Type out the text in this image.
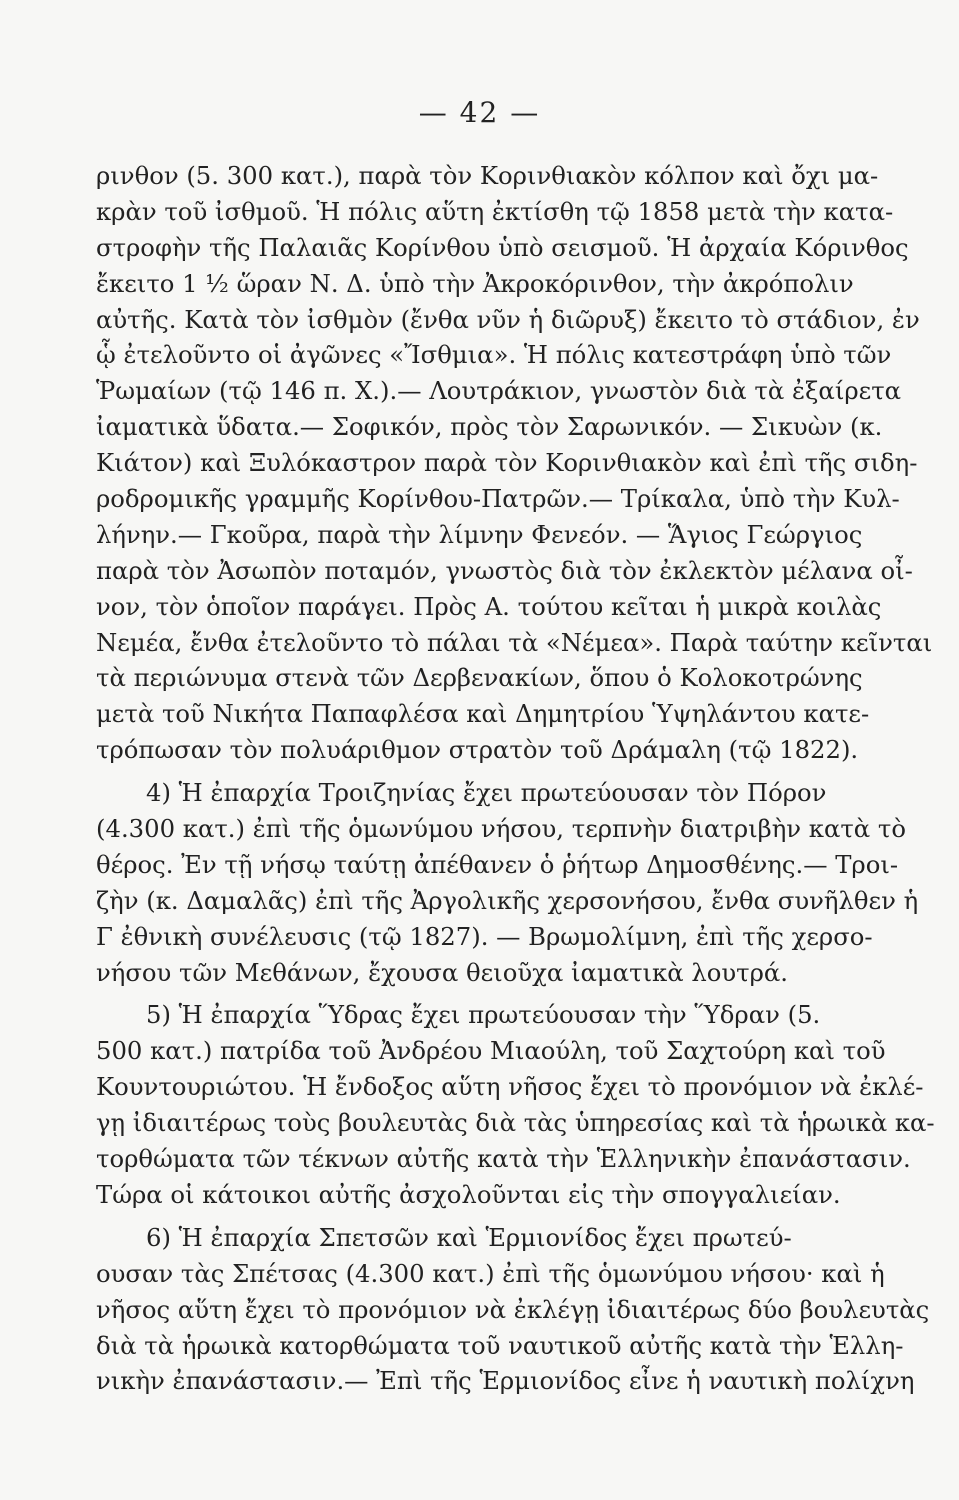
— 42 —
ρινθον (5. 300 κατ.), παρὰ τὸν Κορινθιακὸν κόλπον καὶ ὄχι μα-
κρὰν τοῦ ἰσθμοῦ. Ἡ πόλις αὕτη ἐκτίσθη τῷ 1858 μετὰ τὴν κατα-
στροφὴν τῆς Παλαιᾶς Κορίνθου ὑπὸ σεισμοῦ. Ἡ ἀρχαία Κόρινθος
ἔκειτο 1 ½ ὥραν Ν. Δ. ὑπὸ τὴν Ἀκροκόρινθον, τὴν ἀκρόπολιν
αὐτῆς. Κατὰ τὸν ἰσθμὸν (ἔνθα νῦν ἡ διῶρυξ) ἔκειτο τὸ στάδιον, ἐν
ᾧ ἐτελοῦντο οἱ ἀγῶνες «Ἴσθμια». Ἡ πόλις κατεστράφη ὑπὸ τῶν
Ῥωμαίων (τῷ 146 π. Χ.).— Λουτράκιον, γνωστὸν διὰ τὰ ἐξαίρετα
ἰαματικὰ ὕδατα.— Σοφικόν, πρὸς τὸν Σαρωνικόν. — Σικυὼν (κ.
Κιάτον) καὶ Ξυλόκαστρον παρὰ τὸν Κορινθιακὸν καὶ ἐπὶ τῆς σιδη-
ροδρομικῆς γραμμῆς Κορίνθου-Πατρῶν.— Τρίκαλα, ὑπὸ τὴν Κυλ-
λήνην.— Γκοῦρα, παρὰ τὴν λίμνην Φενεόν. — Ἅγιος Γεώργιος
παρὰ τὸν Ἀσωπὸν ποταμόν, γνωστὸς διὰ τὸν ἐκλεκτὸν μέλανα οἶ-
νον, τὸν ὁποῖον παράγει. Πρὸς Α. τούτου κεῖται ἡ μικρὰ κοιλὰς
Νεμέα, ἔνθα ἐτελοῦντο τὸ πάλαι τὰ «Νέμεα». Παρὰ ταύτην κεῖνται
τὰ περιώνυμα στενὰ τῶν Δερβενακίων, ὅπου ὁ Κολοκοτρώνης
μετὰ τοῦ Νικήτα Παπαφλέσα καὶ Δημητρίου Ὑψηλάντου κατε-
τρόπωσαν τὸν πολυάριθμον στρατὸν τοῦ Δράμαλη (τῷ 1822).
4) Ἡ ἐπαρχία Τροιζηνίας ἔχει πρωτεύουσαν τὸν Πόρον
(4.300 κατ.) ἐπὶ τῆς ὁμωνύμου νήσου, τερπνὴν διατριβὴν κατὰ τὸ
θέρος. Ἐν τῇ νήσῳ ταύτῃ ἀπέθανεν ὁ ῥήτωρ Δημοσθένης.— Τροι-
ζὴν (κ. Δαμαλᾶς) ἐπὶ τῆς Ἀργολικῆς χερσονήσου, ἔνθα συνῆλθεν ἡ
Γ ἐθνικὴ συνέλευσις (τῷ 1827). — Βρωμολίμνη, ἐπὶ τῆς χερσο-
νήσου τῶν Μεθάνων, ἔχουσα θειοῦχα ἰαματικὰ λουτρά.
5) Ἡ ἐπαρχία Ὕδρας ἔχει πρωτεύουσαν τὴν Ὕδραν (5.
500 κατ.) πατρίδα τοῦ Ἀνδρέου Μιαούλη, τοῦ Σαχτούρη καὶ τοῦ
Κουντουριώτου. Ἡ ἔνδοξος αὕτη νῆσος ἔχει τὸ προνόμιον νὰ ἐκλέ-
γῃ ἰδιαιτέρως τοὺς βουλευτὰς διὰ τὰς ὑπηρεσίας καὶ τὰ ἡρωικὰ κα-
τορθώματα τῶν τέκνων αὐτῆς κατὰ τὴν Ἑλληνικὴν ἐπανάστασιν.
Τώρα οἱ κάτοικοι αὐτῆς ἀσχολοῦνται εἰς τὴν σπογγαλιείαν.
6) Ἡ ἐπαρχία Σπετσῶν καὶ Ἑρμιονίδος ἔχει πρωτεύ-
ουσαν τὰς Σπέτσας (4.300 κατ.) ἐπὶ τῆς ὁμωνύμου νήσου· καὶ ἡ
νῆσος αὕτη ἔχει τὸ προνόμιον νὰ ἐκλέγῃ ἰδιαιτέρως δύο βουλευτὰς
διὰ τὰ ἡρωικὰ κατορθώματα τοῦ ναυτικοῦ αὐτῆς κατὰ τὴν Ἑλλη-
νικὴν ἐπανάστασιν.— Ἐπὶ τῆς Ἑρμιονίδος εἶνε ἡ ναυτικὴ πολίχνη
